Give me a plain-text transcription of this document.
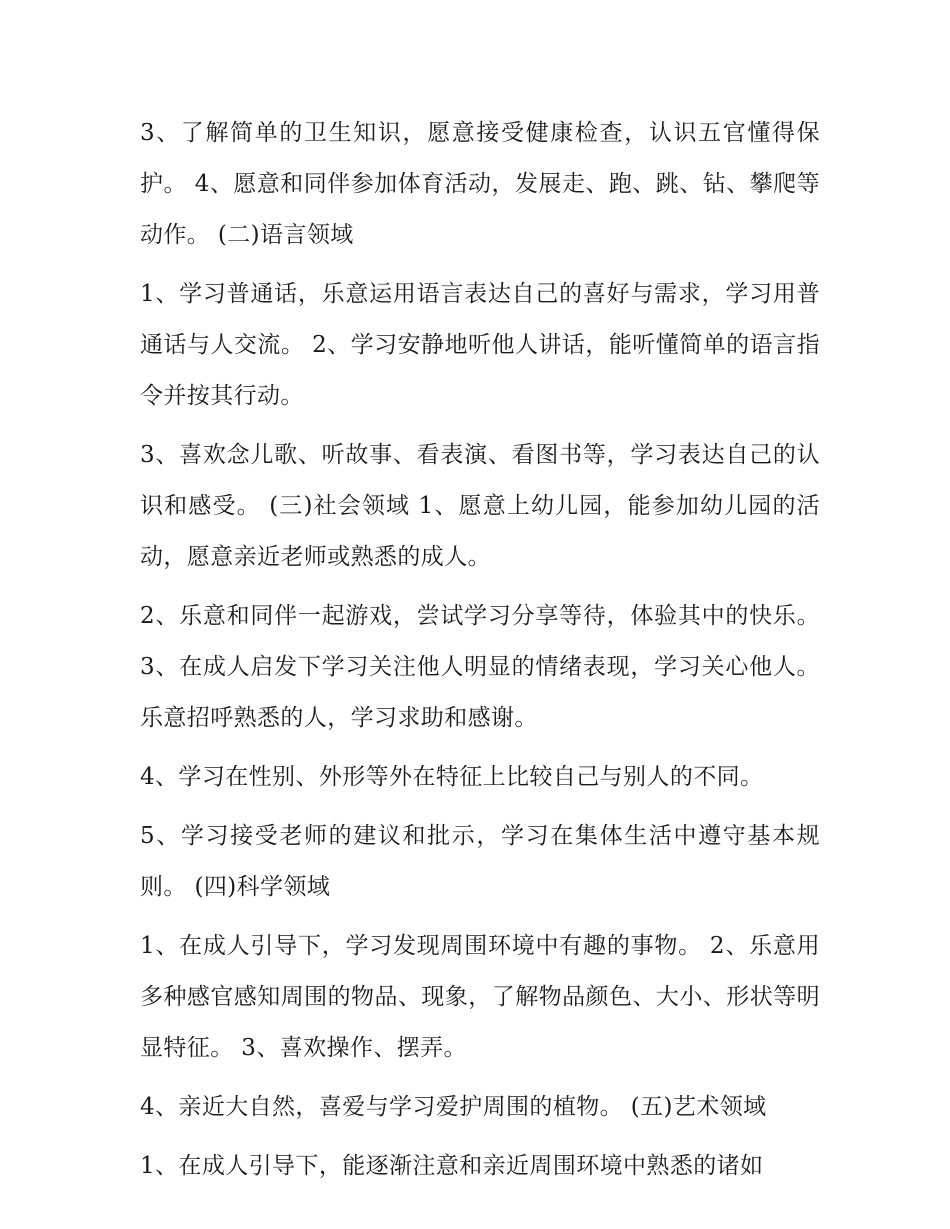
3、了解简单的卫生知识，愿意接受健康检查，认识五官懂得保护。 4、愿意和同伴参加体育活动，发展走、跑、跳、钻、攀爬等动作。 (二)语言领域

1、学习普通话，乐意运用语言表达自己的喜好与需求，学习用普通话与人交流。 2、学习安静地听他人讲话，能听懂简单的语言指令并按其行动。

3、喜欢念儿歌、听故事、看表演、看图书等，学习表达自己的认识和感受。 (三)社会领域 1、愿意上幼儿园，能参加幼儿园的活动，愿意亲近老师或熟悉的成人。

2、乐意和同伴一起游戏，尝试学习分享等待，体验其中的快乐。 3、在成人启发下学习关注他人明显的情绪表现，学习关心他人。乐意招呼熟悉的人，学习求助和感谢。

4、学习在性别、外形等外在特征上比较自己与别人的不同。

5、学习接受老师的建议和批示，学习在集体生活中遵守基本规则。 (四)科学领域

1、在成人引导下，学习发现周围环境中有趣的事物。 2、乐意用多种感官感知周围的物品、现象，了解物品颜色、大小、形状等明显特征。 3、喜欢操作、摆弄。

4、亲近大自然，喜爱与学习爱护周围的植物。 (五)艺术领域

1、在成人引导下，能逐渐注意和亲近周围环境中熟悉的诸如
